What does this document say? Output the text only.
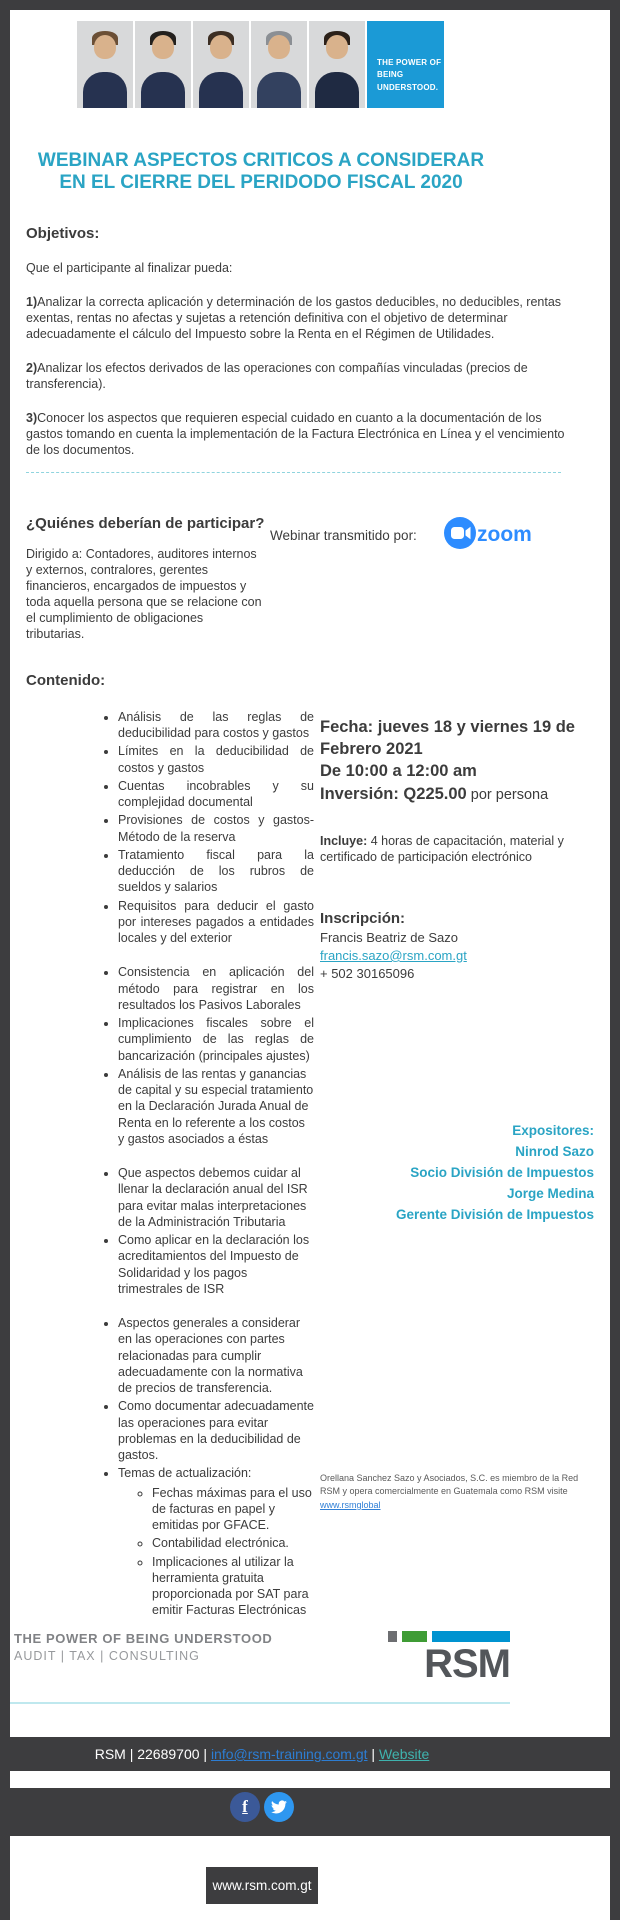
THE POWER OF
BEING UNDERSTOOD.
WEBINAR ASPECTOS CRITICOS A CONSIDERAR EN EL CIERRE DEL PERIDODO FISCAL 2020
Objetivos:

Que el participante al finalizar pueda:

1)Analizar la correcta aplicación y determinación de los gastos deducibles, no deducibles, rentas exentas, rentas no afectas y sujetas a retención definitiva con el objetivo de determinar adecuadamente el cálculo del Impuesto sobre la Renta en el Régimen de Utilidades.

2)Analizar los efectos derivados de las operaciones con compañías vinculadas (precios de transferencia).

3)Conocer los aspectos que requieren especial cuidado en cuanto a la documentación de los gastos tomando en cuenta la implementación de la Factura Electrónica en Línea y el vencimiento de los documentos.

¿Quiénes deberían de participar?

Dirigido a: Contadores, auditores internos y externos, contralores, gerentes financieros, encargados de impuestos y toda aquella persona que se relacione con el cumplimiento de obligaciones tributarias.

Contenido:
• Análisis de las reglas de deducibilidad para costos y gastos
• Límites en la deducibilidad de costos y gastos
• Cuentas incobrables y su complejidad documental
• Provisiones de costos y gastos-Método de la reserva
• Tratamiento fiscal para la deducción de los rubros de sueldos y salarios
• Requisitos para deducir el gasto por intereses pagados a entidades locales y del exterior
• Consistencia en aplicación del método para registrar en los resultados los Pasivos Laborales
• Implicaciones fiscales sobre el cumplimiento de las reglas de bancarización (principales ajustes)
• Análisis de las rentas y ganancias de capital y su especial tratamiento en la Declaración Jurada Anual de Renta en lo referente a los costos y gastos asociados a éstas
• Que aspectos debemos cuidar al llenar la declaración anual del ISR para evitar malas interpretaciones de la Administración Tributaria
• Como aplicar en la declaración los acreditamientos del Impuesto de Solidaridad y los pagos trimestrales de ISR
• Aspectos generales a considerar en las operaciones con partes relacionadas para cumplir adecuadamente con la normativa de precios de transferencia.
• Como documentar adecuadamente las operaciones para evitar problemas en la deducibilidad de gastos.
• Temas de actualización:
◦ Fechas máximas para el uso de facturas en papel y emitidas por GFACE.
◦ Contabilidad electrónica.
◦ Implicaciones al utilizar la herramienta gratuita proporcionada por SAT para emitir Facturas Electrónicas
Webinar transmitido por:	zoom
Fecha: jueves 18 y viernes 19 de Febrero 2021
De 10:00 a 12:00 am
Inversión: Q225.00 por persona
Incluye: 4 horas de capacitación, material y certificado de participación electrónico
Inscripción:
Francis Beatriz de Sazo
francis.sazo@rsm.com.gt
+ 502 30165096
Expositores:
Ninrod Sazo
Socio División de Impuestos
Jorge Medina
Gerente División de Impuestos
Orellana Sanchez Sazo y Asociados, S.C. es miembro de la Red RSM y opera comercialmente en Guatemala como RSM visite www.rsmglobal
THE POWER OF BEING UNDERSTOOD
AUDIT | TAX | CONSULTING	RSM
RSM | 22689700 | info@rsm-training.com.gt | Website
f
www.rsm.com.gt
